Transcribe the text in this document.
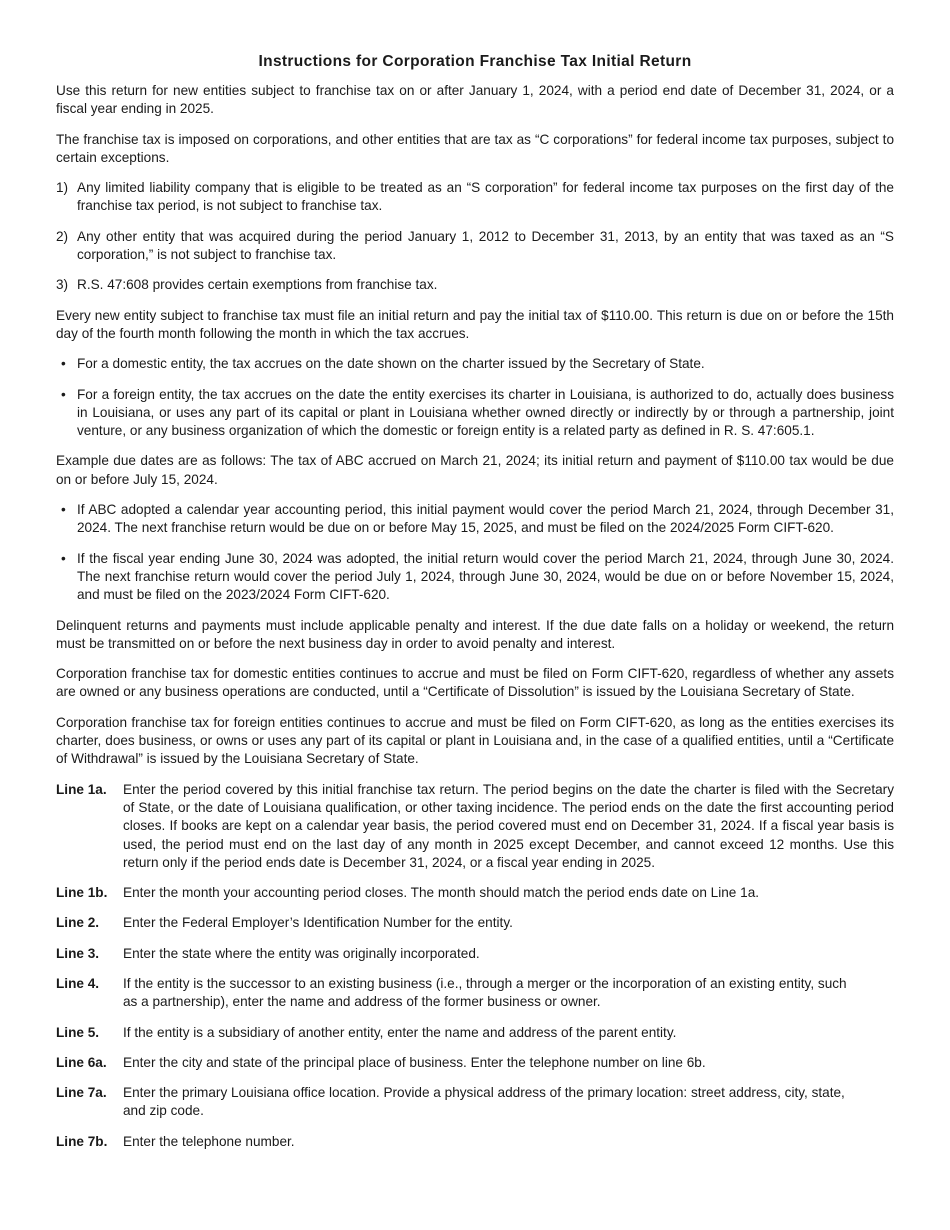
Instructions for Corporation Franchise Tax Initial Return

Use this return for new entities subject to franchise tax on or after January 1, 2024, with a period end date of December 31, 2024, or a fiscal year ending in 2025.

The franchise tax is imposed on corporations, and other entities that are tax as “C corporations” for federal income tax purposes, subject to certain exceptions.

1) Any limited liability company that is eligible to be treated as an “S corporation” for federal income tax purposes on the first day of the franchise tax period, is not subject to franchise tax.
2) Any other entity that was acquired during the period January 1, 2012 to December 31, 2013, by an entity that was taxed as an “S corporation,” is not subject to franchise tax.
3) R.S. 47:608 provides certain exemptions from franchise tax.

Every new entity subject to franchise tax must file an initial return and pay the initial tax of $110.00. This return is due on or before the 15th day of the fourth month following the month in which the tax accrues.

• For a domestic entity, the tax accrues on the date shown on the charter issued by the Secretary of State.
• For a foreign entity, the tax accrues on the date the entity exercises its charter in Louisiana, is authorized to do, actually does business in Louisiana, or uses any part of its capital or plant in Louisiana whether owned directly or indirectly by or through a partnership, joint venture, or any business organization of which the domestic or foreign entity is a related party as defined in R. S. 47:605.1.

Example due dates are as follows: The tax of ABC accrued on March 21, 2024; its initial return and payment of $110.00 tax would be due on or before July 15, 2024.

• If ABC adopted a calendar year accounting period, this initial payment would cover the period March 21, 2024, through December 31, 2024. The next franchise return would be due on or before May 15, 2025, and must be filed on the 2024/2025 Form CIFT-620.
• If the fiscal year ending June 30, 2024 was adopted, the initial return would cover the period March 21, 2024, through June 30, 2024. The next franchise return would cover the period July 1, 2024, through June 30, 2024, would be due on or before November 15, 2024, and must be filed on the 2023/2024 Form CIFT-620.

Delinquent returns and payments must include applicable penalty and interest. If the due date falls on a holiday or weekend, the return must be transmitted on or before the next business day in order to avoid penalty and interest.

Corporation franchise tax for domestic entities continues to accrue and must be filed on Form CIFT-620, regardless of whether any assets are owned or any business operations are conducted, until a “Certificate of Dissolution” is issued by the Louisiana Secretary of State.

Corporation franchise tax for foreign entities continues to accrue and must be filed on Form CIFT-620, as long as the entities exercises its charter, does business, or owns or uses any part of its capital or plant in Louisiana and, in the case of a qualified entities, until a “Certificate of Withdrawal” is issued by the Louisiana Secretary of State.

Line 1a.	Enter the period covered by this initial franchise tax return. The period begins on the date the charter is filed with the Secretary of State, or the date of Louisiana qualification, or other taxing incidence. The period ends on the date the first accounting period closes. If books are kept on a calendar year basis, the period covered must end on December 31, 2024. If a fiscal year basis is used, the period must end on the last day of any month in 2025 except December, and cannot exceed 12 months. Use this return only if the period ends date is December 31, 2024, or a fiscal year ending in 2025.
Line 1b.	Enter the month your accounting period closes. The month should match the period ends date on Line 1a.
Line 2.	Enter the Federal Employer’s Identification Number for the entity.
Line 3.	Enter the state where the entity was originally incorporated.
Line 4.	If the entity is the successor to an existing business (i.e., through a merger or the incorporation of an existing entity, such as a partnership), enter the name and address of the former business or owner.
Line 5.	If the entity is a subsidiary of another entity, enter the name and address of the parent entity.
Line 6a.	Enter the city and state of the principal place of business. Enter the telephone number on line 6b.
Line 7a.	Enter the primary Louisiana office location. Provide a physical address of the primary location: street address, city, state, and zip code.
Line 7b.	Enter the telephone number.
